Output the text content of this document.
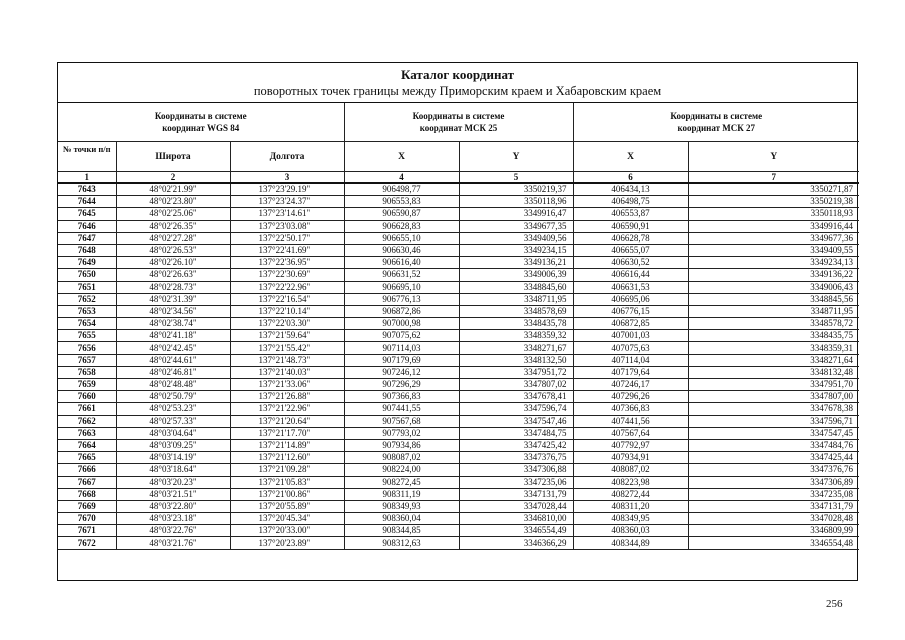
Каталог координат
поворотных точек границы между Приморским краем и Хабаровским краем
Координаты в системе координат WGS 84			Координаты в системе координат МСК 25		Координаты в системе координат МСК 27	
№ точки п/п	Широта	Долгота	X	Y	X	Y
1	2	3	4	5	6	7
7643	48°02'21.99"	137°23'29.19"	906498,77	3350219,37	406434,13	3350271,87
7644	48°02'23.80"	137°23'24.37"	906553,83	3350118,96	406498,75	3350219,38
7645	48°02'25.06"	137°23'14.61"	906590,87	3349916,47	406553,87	3350118,93
7646	48°02'26.35"	137°23'03.08"	906628,83	3349677,35	406590,91	3349916,44
7647	48°02'27.28"	137°22'50.17"	906655,10	3349409,56	406628,78	3349677,36
7648	48°02'26.53"	137°22'41.69"	906630,46	3349234,15	406655,07	3349409,55
7649	48°02'26.10"	137°22'36.95"	906616,40	3349136,21	406630,52	3349234,13
7650	48°02'26.63"	137°22'30.69"	906631,52	3349006,39	406616,44	3349136,22
7651	48°02'28.73"	137°22'22.96"	906695,10	3348845,60	406631,53	3349006,43
7652	48°02'31.39"	137°22'16.54"	906776,13	3348711,95	406695,06	3348845,56
7653	48°02'34.56"	137°22'10.14"	906872,86	3348578,69	406776,15	3348711,95
7654	48°02'38.74"	137°22'03.30"	907000,98	3348435,78	406872,85	3348578,72
7655	48°02'41.18"	137°21'59.64"	907075,62	3348359,32	407001,03	3348435,75
7656	48°02'42.45"	137°21'55.42"	907114,03	3348271,67	407075,63	3348359,31
7657	48°02'44.61"	137°21'48.73"	907179,69	3348132,50	407114,04	3348271,64
7658	48°02'46.81"	137°21'40.03"	907246,12	3347951,72	407179,64	3348132,48
7659	48°02'48.48"	137°21'33.06"	907296,29	3347807,02	407246,17	3347951,70
7660	48°02'50.79"	137°21'26.88"	907366,83	3347678,41	407296,26	3347807,00
7661	48°02'53.23"	137°21'22.96"	907441,55	3347596,74	407366,83	3347678,38
7662	48°02'57.33"	137°21'20.64"	907567,68	3347547,46	407441,56	3347596,71
7663	48°03'04.64"	137°21'17.70"	907793,02	3347484,75	407567,64	3347547,45
7664	48°03'09.25"	137°21'14.89"	907934,86	3347425,42	407792,97	3347484,76
7665	48°03'14.19"	137°21'12.60"	908087,02	3347376,75	407934,91	3347425,44
7666	48°03'18.64"	137°21'09.28"	908224,00	3347306,88	408087,02	3347376,76
7667	48°03'20.23"	137°21'05.83"	908272,45	3347235,06	408223,98	3347306,89
7668	48°03'21.51"	137°21'00.86"	908311,19	3347131,79	408272,44	3347235,08
7669	48°03'22.80"	137°20'55.89"	908349,93	3347028,44	408311,20	3347131,79
7670	48°03'23.18"	137°20'45.34"	908360,04	3346810,00	408349,95	3347028,48
7671	48°03'22.76"	137°20'33.00"	908344,85	3346554,49	408360,03	3346809,99
7672	48°03'21.76"	137°20'23.89"	908312,63	3346366,29	408344,89	3346554,48
256
